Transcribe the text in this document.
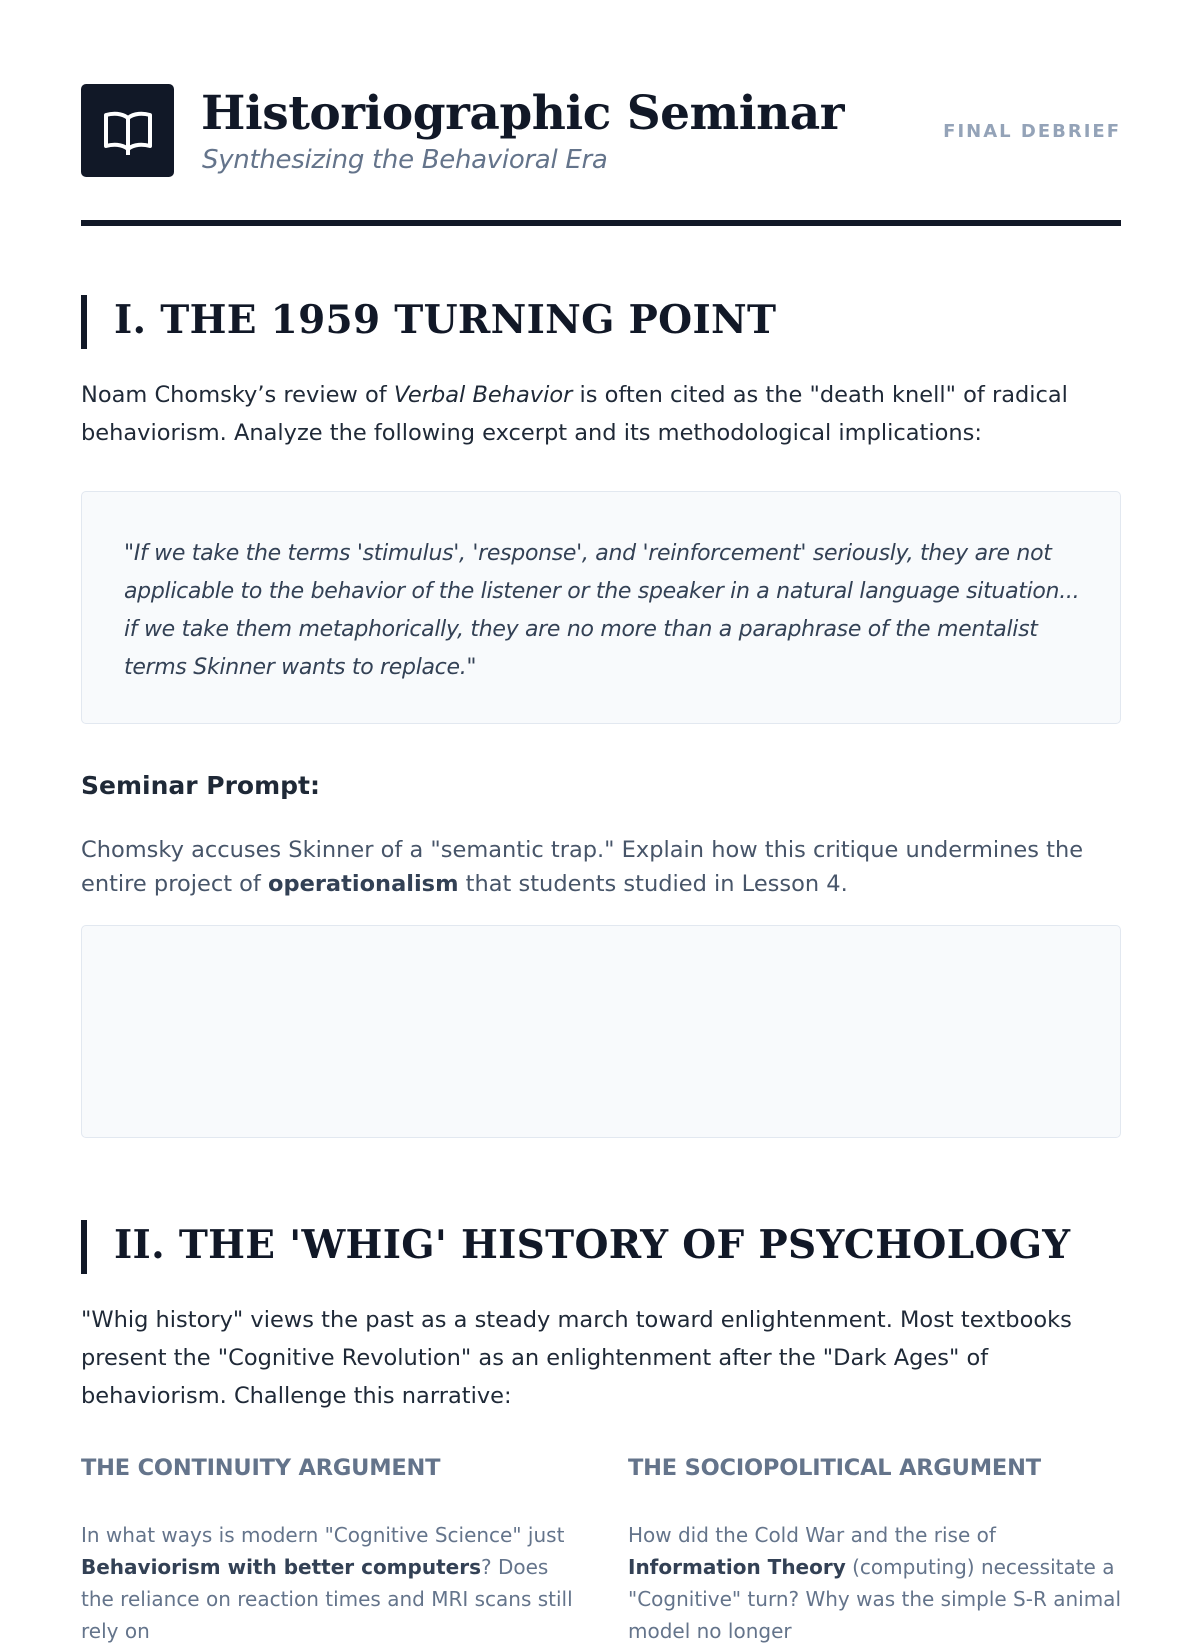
Historiographic Seminar
Synthesizing the Behavioral Era
FINAL DEBRIEF
I. THE 1959 TURNING POINT

Noam Chomsky’s review of Verbal Behavior is often cited as the "death knell" of radical behaviorism. Analyze the following excerpt and its methodological implications:

"If we take the terms 'stimulus', 'response', and 'reinforcement' seriously, they are not applicable to the behavior of the listener or the speaker in a natural language situation... if we take them metaphorically, they are no more than a paraphrase of the mentalist terms Skinner wants to replace."

Seminar Prompt:

Chomsky accuses Skinner of a "semantic trap." Explain how this critique undermines the entire project of operationalism that students studied in Lesson 4.

II. THE 'WHIG' HISTORY OF PSYCHOLOGY

"Whig history" views the past as a steady march toward enlightenment. Most textbooks present the "Cognitive Revolution" as an enlightenment after the "Dark Ages" of behaviorism. Challenge this narrative:

THE CONTINUITY ARGUMENT

In what ways is modern "Cognitive Science" just Behaviorism with better computers? Does the reliance on reaction times and MRI scans still rely on

THE SOCIOPOLITICAL ARGUMENT

How did the Cold War and the rise of Information Theory (computing) necessitate a "Cognitive" turn? Why was the simple S-R animal model no longer
